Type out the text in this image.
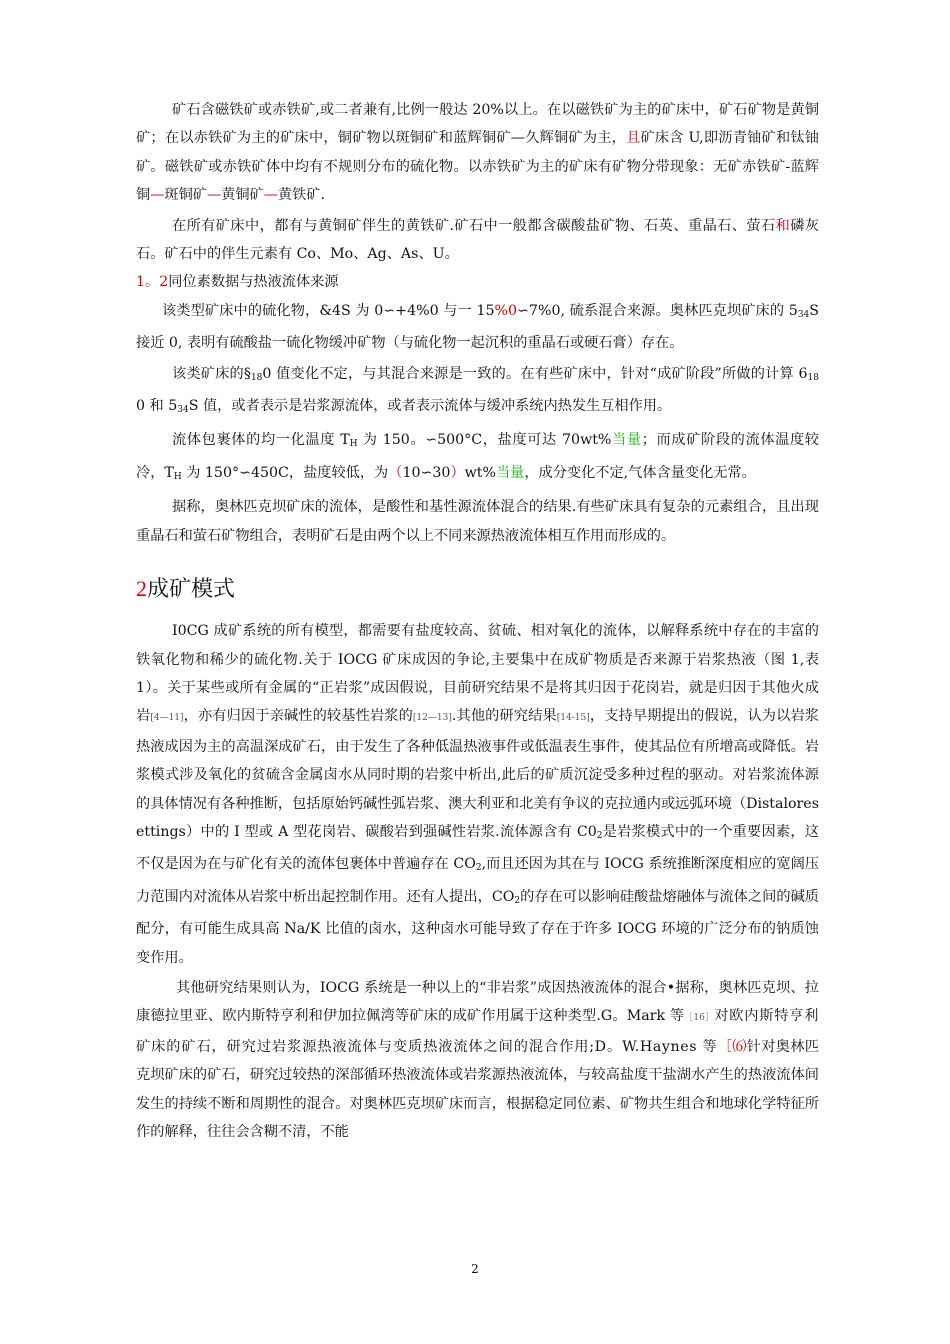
矿石含磁铁矿或赤铁矿,或二者兼有,比例一般达 20%以上。在以磁铁矿为主的矿床中，矿石矿物是黄铜矿；在以赤铁矿为主的矿床中，铜矿物以斑铜矿和蓝辉铜矿—久辉铜矿为主，且矿床含 U,即沥青铀矿和钛铀矿。磁铁矿或赤铁矿体中均有不规则分布的硫化物。以赤铁矿为主的矿床有矿物分带现象：无矿赤铁矿-蓝辉铜—斑铜矿—黄铜矿—黄铁矿.

在所有矿床中，都有与黄铜矿伴生的黄铁矿.矿石中一般都含碳酸盐矿物、石英、重晶石、萤石和磷灰石。矿石中的伴生元素有 Co、Mo、Ag、As、U。

1。2同位素数据与热液流体来源

该类型矿床中的硫化物，&4S 为 0∽+4%0 与一 15%0∽7%0, 硫系混合来源。奥林匹克坝矿床的 $5_{34}S$ 接近 0, 表明有硫酸盐一硫化物缓冲矿物（与硫化物一起沉积的重晶石或硬石膏）存在。

该类矿床的$\S_{18}0$ 值变化不定，与其混合来源是一致的。在有些矿床中，针对“成矿阶段”所做的计算 $6_{18}0$ 和 $5_{34}S$ 值，或者表示是岩浆源流体，或者表示流体与缓冲系统内热发生互相作用。

流体包裹体的均一化温度 $T_H$ 为 150。∽500°C，盐度可达 70wt%当量；而成矿阶段的流体温度较冷，$T_H$ 为 150°∽450C，盐度较低，为（10∽30）wt%当量，成分变化不定,气体含量变化无常。

据称，奥林匹克坝矿床的流体，是酸性和基性源流体混合的结果.有些矿床具有复杂的元素组合，且出现重晶石和萤石矿物组合，表明矿石是由两个以上不同来源热液流体相互作用而形成的。

2成矿模式

I0CG 成矿系统的所有模型，都需要有盐度较高、贫硫、相对氧化的流体，以解释系统中存在的丰富的铁氧化物和稀少的硫化物.关于 IOCG 矿床成因的争论,主要集中在成矿物质是否来源于岩浆热液（图 1,表 1）。关于某些或所有金属的“正岩浆”成因假说，目前研究结果不是将其归因于花岗岩，就是归因于其他火成岩[4—11]，亦有归因于亲碱性的较基性岩浆的[12—13].其他的研究结果[14-15]，支持早期提出的假说，认为以岩浆热液成因为主的高温深成矿石，由于发生了各种低温热液事件或低温表生事件，使其品位有所增高或降低。岩浆模式涉及氧化的贫硫含金属卤水从同时期的岩浆中析出,此后的矿质沉淀受多种过程的驱动。对岩浆流体源的具体情况有各种推断，包括原始钙碱性弧岩浆、澳大利亚和北美有争议的克拉通内或远弧环境（Distaloresettings）中的 I 型或 A 型花岗岩、碳酸岩到强碱性岩浆.流体源含有 $C0_2$是岩浆模式中的一个重要因素，这不仅是因为在与矿化有关的流体包裹体中普遍存在 $CO_2$,而且还因为其在与 IOCG 系统推断深度相应的宽阔压力范围内对流体从岩浆中析出起控制作用。还有人提出，$CO_2$的存在可以影响硅酸盐熔融体与流体之间的碱质配分，有可能生成具高 Na/K 比值的卤水，这种卤水可能导致了存在于许多 IOCG 环境的广泛分布的钠质蚀变作用。

其他研究结果则认为，IOCG 系统是一种以上的“非岩浆”成因热液流体的混合•据称，奥林匹克坝、拉康德拉里亚、欧内斯特亨利和伊加拉佩湾等矿床的成矿作用属于这种类型.G。Mark 等［16］对欧内斯特亨利矿床的矿石，研究过岩浆源热液流体与变质热液流体之间的混合作用;D。W.Haynes 等［⑹针对奥林匹克坝矿床的矿石，研究过较热的深部循环热液流体或岩浆源热液流体，与较高盐度干盐湖水产生的热液流体间发生的持续不断和周期性的混合。对奥林匹克坝矿床而言，根据稳定同位素、矿物共生组合和地球化学特征所作的解释，往往会含糊不清，不能

2
